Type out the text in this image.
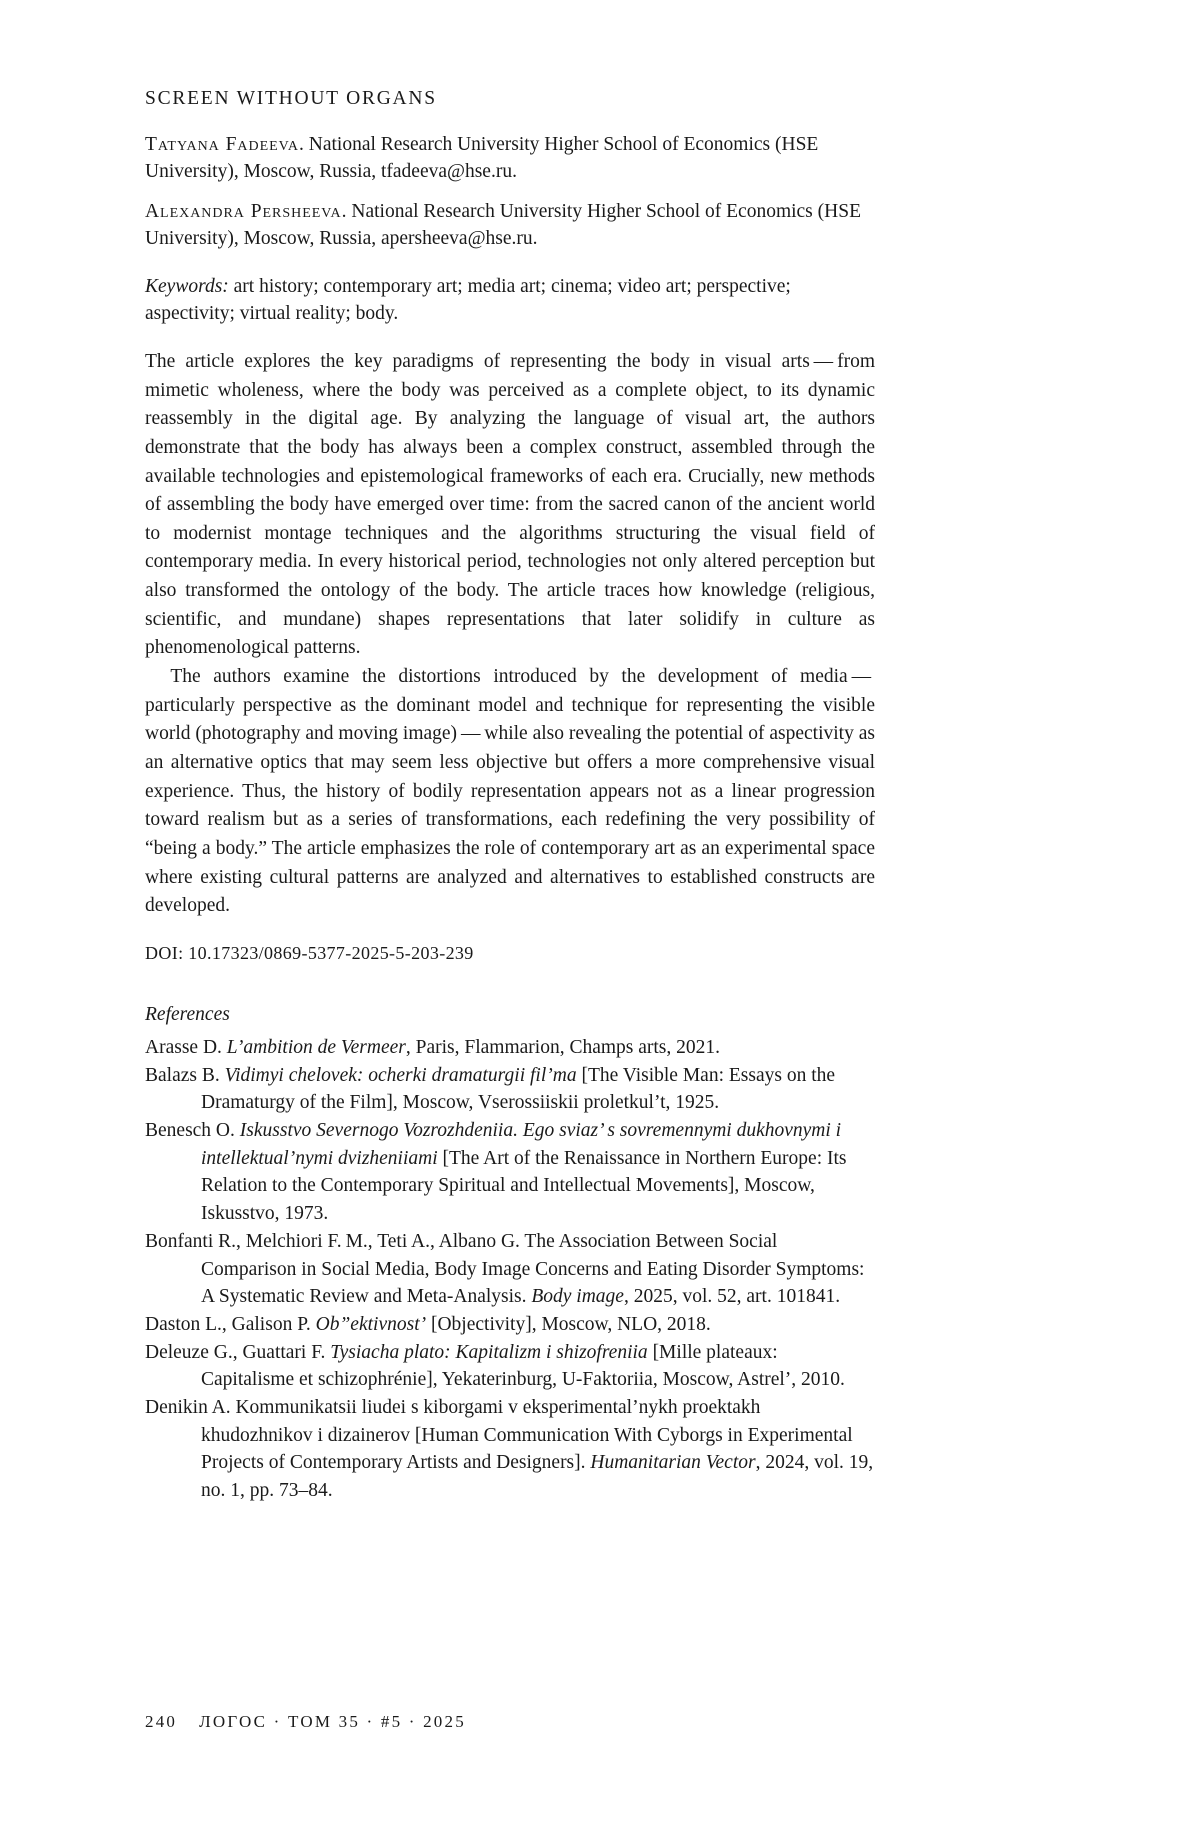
SCREEN WITHOUT ORGANS
Tatyana Fadeeva. National Research University Higher School of Economics (HSE University), Moscow, Russia, tfadeeva@hse.ru.
Alexandra Persheeva. National Research University Higher School of Economics (HSE University), Moscow, Russia, apersheeva@hse.ru.
Keywords: art history; contemporary art; media art; cinema; video art; perspective; aspectivity; virtual reality; body.

The article explores the key paradigms of representing the body in visual arts — from mimetic wholeness, where the body was perceived as a complete object, to its dynamic reassembly in the digital age. By analyzing the language of visual art, the authors demonstrate that the body has always been a complex construct, assembled through the available technologies and epistemological frameworks of each era. Crucially, new methods of assembling the body have emerged over time: from the sacred canon of the ancient world to modernist montage techniques and the algorithms structuring the visual field of contemporary media. In every historical period, technologies not only altered perception but also transformed the ontology of the body. The article traces how knowledge (religious, scientific, and mundane) shapes representations that later solidify in culture as phenomenological patterns.

The authors examine the distortions introduced by the development of media — particularly perspective as the dominant model and technique for representing the visible world (photography and moving image) — while also revealing the potential of aspectivity as an alternative optics that may seem less objective but offers a more comprehensive visual experience. Thus, the history of bodily representation appears not as a linear progression toward realism but as a series of transformations, each redefining the very possibility of “being a body.” The article emphasizes the role of contemporary art as an experimental space where existing cultural patterns are analyzed and alternatives to established constructs are developed.

DOI: 10.17323/0869-5377-2025-5-203-239
References
Arasse D. L’ambition de Vermeer, Paris, Flammarion, Champs arts, 2021.
Balazs B. Vidimyi chelovek: ocherki dramaturgii fil’ma [The Visible Man: Essays on the Dramaturgy of the Film], Moscow, Vserossiiskii proletkul’t, 1925.
Benesch O. Iskusstvo Severnogo Vozrozhdeniia. Ego sviaz’ s sovremennymi dukhovnymi i intellektual’nymi dvizheniiami [The Art of the Renaissance in Northern Europe: Its Relation to the Contemporary Spiritual and Intellectual Movements], Moscow, Iskusstvo, 1973.
Bonfanti R., Melchiori F. M., Teti A., Albano G. The Association Between Social Comparison in Social Media, Body Image Concerns and Eating Disorder Symptoms: A Systematic Review and Meta-Analysis. Body image, 2025, vol. 52, art. 101841.
Daston L., Galison P. Ob”ektivnost’ [Objectivity], Moscow, NLO, 2018.
Deleuze G., Guattari F. Tysiacha plato: Kapitalizm i shizofreniia [Mille plateaux: Capitalisme et schizophrénie], Yekaterinburg, U-Faktoriia, Moscow, Astrel’, 2010.
Denikin A. Kommunikatsii liudei s kiborgami v eksperimental’nykh proektakh khudozhnikov i dizainerov [Human Communication With Cyborgs in Experimental Projects of Contemporary Artists and Designers]. Humanitarian Vector, 2024, vol. 19, no. 1, pp. 73–84.
240 ЛОГОС · ТОМ 35 · #5 · 2025
